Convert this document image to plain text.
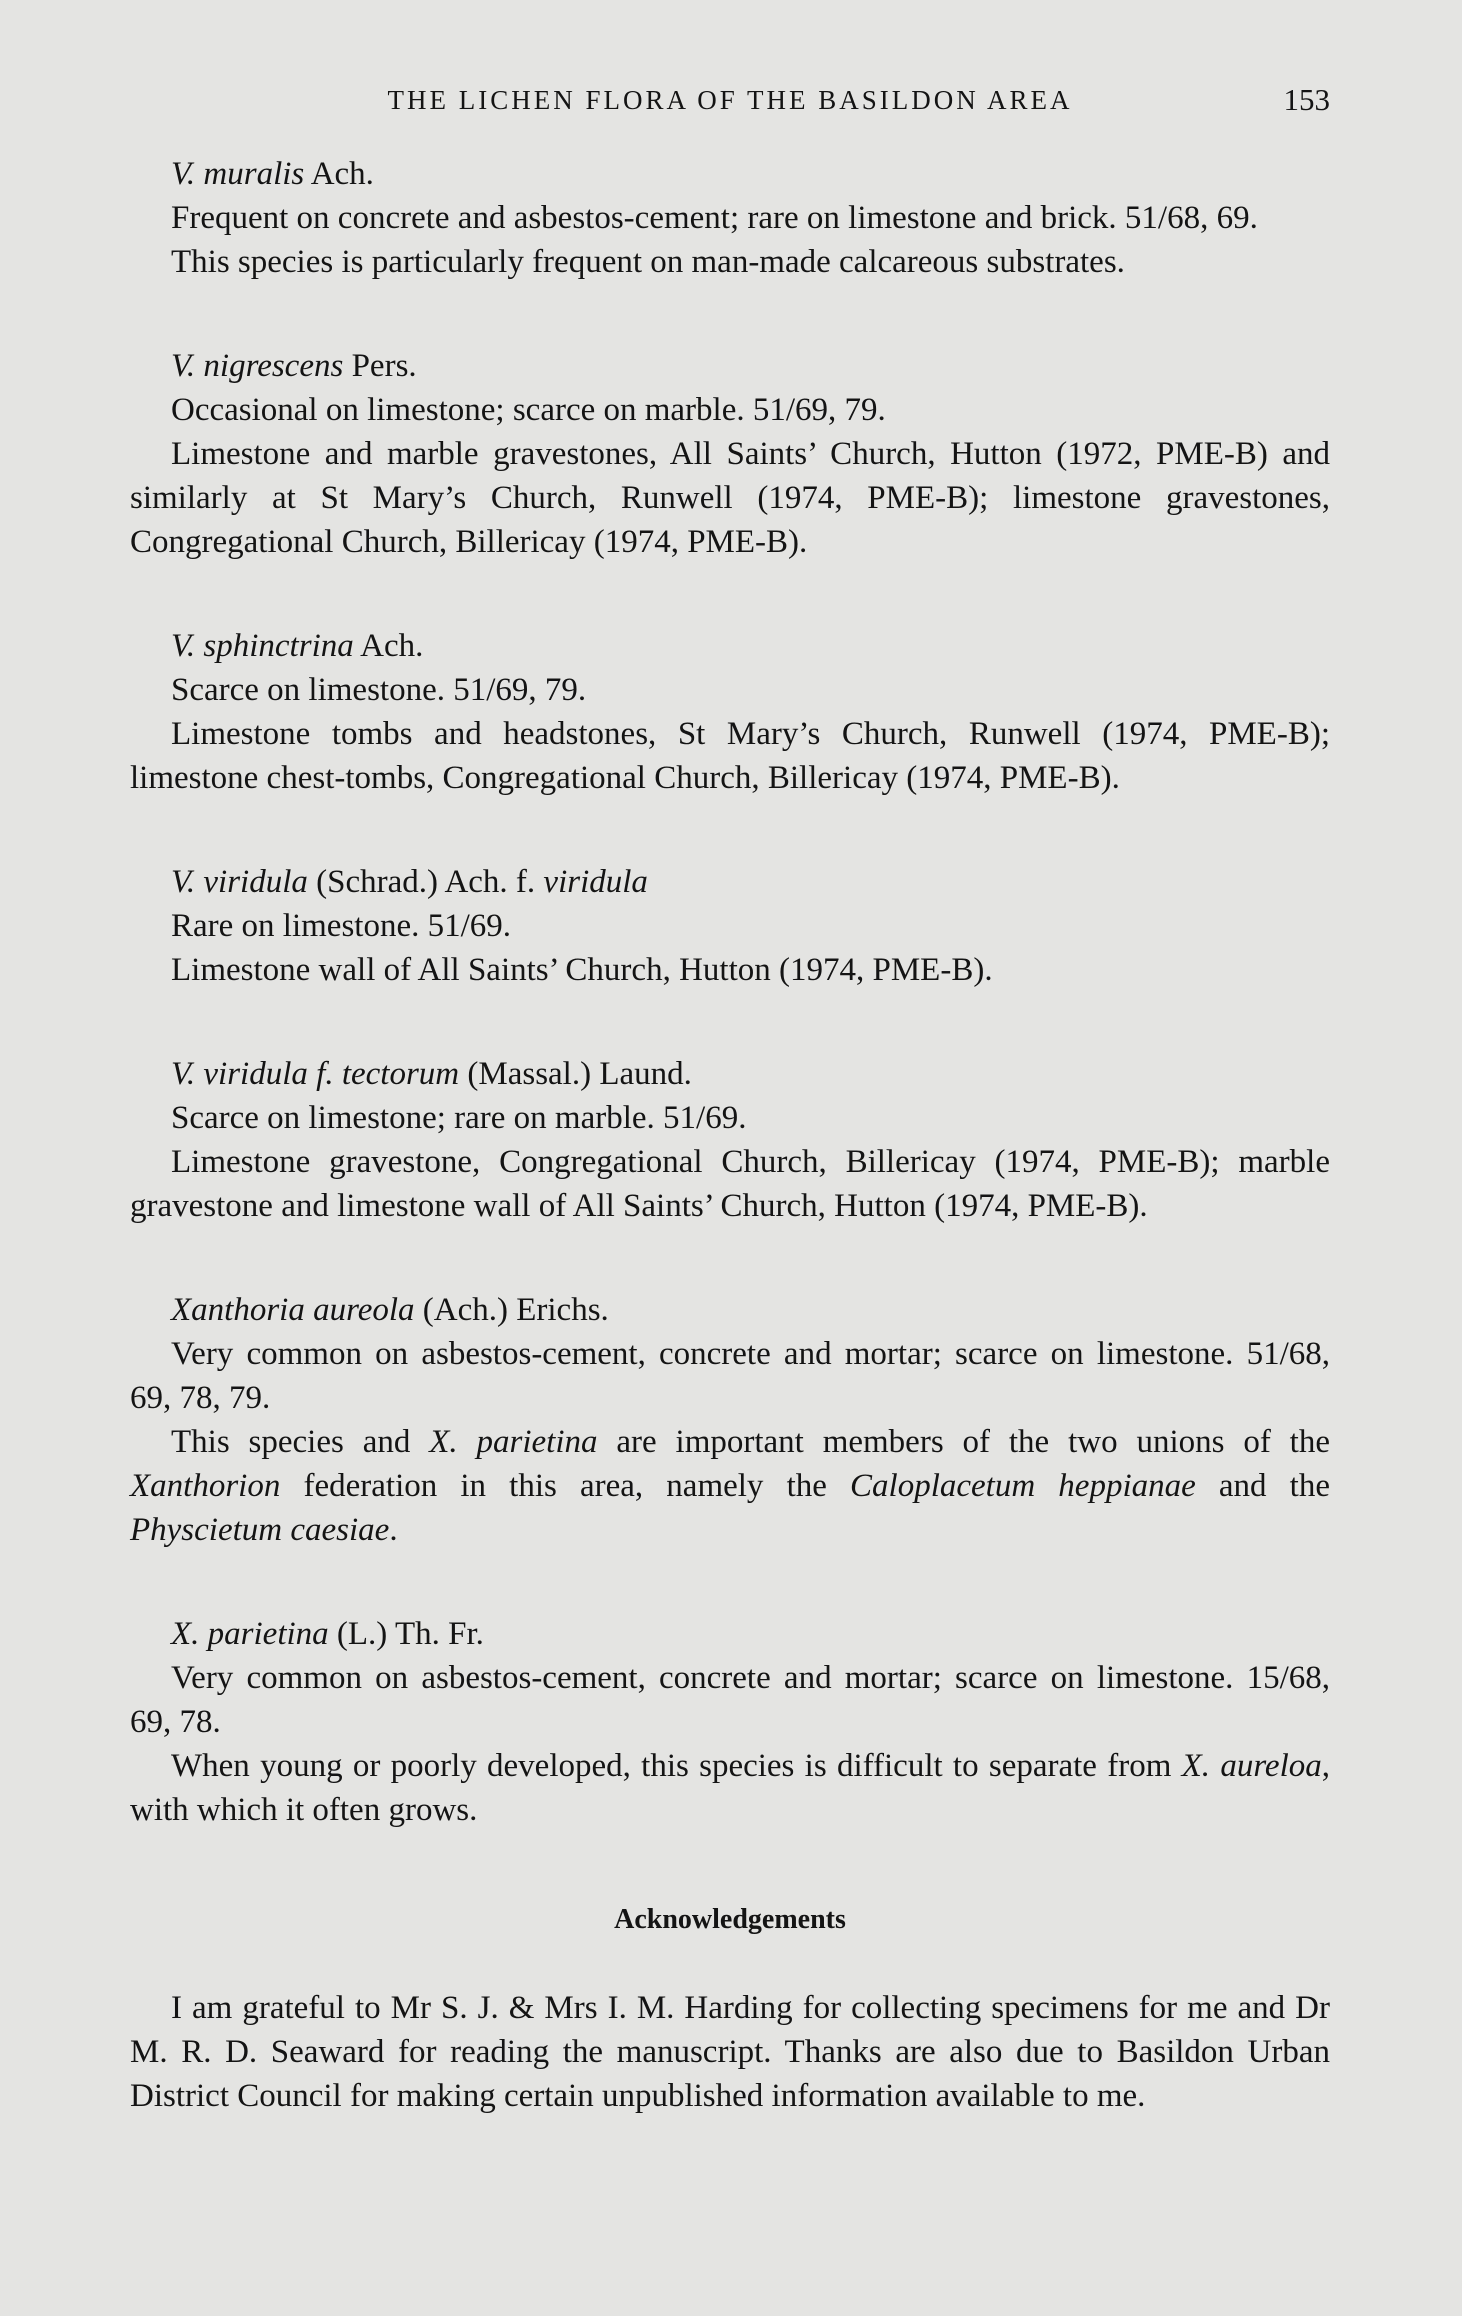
THE LICHEN FLORA OF THE BASILDON AREA	153

V. muralis Ach.

Frequent on concrete and asbestos-cement; rare on limestone and brick. 51/68, 69.

This species is particularly frequent on man-made calcareous substrates.

V. nigrescens Pers.

Occasional on limestone; scarce on marble. 51/69, 79.

Limestone and marble gravestones, All Saints’ Church, Hutton (1972, PME-B) and similarly at St Mary’s Church, Runwell (1974, PME-B); limestone gravestones, Congregational Church, Billericay (1974, PME-B).

V. sphinctrina Ach.

Scarce on limestone. 51/69, 79.

Limestone tombs and headstones, St Mary’s Church, Runwell (1974, PME-B); limestone chest-tombs, Congregational Church, Billericay (1974, PME-B).

V. viridula (Schrad.) Ach. f. viridula

Rare on limestone. 51/69.

Limestone wall of All Saints’ Church, Hutton (1974, PME-B).

V. viridula f. tectorum (Massal.) Laund.

Scarce on limestone; rare on marble. 51/69.

Limestone gravestone, Congregational Church, Billericay (1974, PME-B); marble gravestone and limestone wall of All Saints’ Church, Hutton (1974, PME-B).

Xanthoria aureola (Ach.) Erichs.

Very common on asbestos-cement, concrete and mortar; scarce on limestone. 51/68, 69, 78, 79.

This species and X. parietina are important members of the two unions of the Xanthorion federation in this area, namely the Caloplacetum heppianae and the Physcietum caesiae.

X. parietina (L.) Th. Fr.

Very common on asbestos-cement, concrete and mortar; scarce on limestone. 15/68, 69, 78.

When young or poorly developed, this species is difficult to separate from X. aureloa, with which it often grows.

Acknowledgements

I am grateful to Mr S. J. & Mrs I. M. Harding for collecting specimens for me and Dr M. R. D. Seaward for reading the manuscript. Thanks are also due to Basildon Urban District Council for making certain unpublished information available to me.
